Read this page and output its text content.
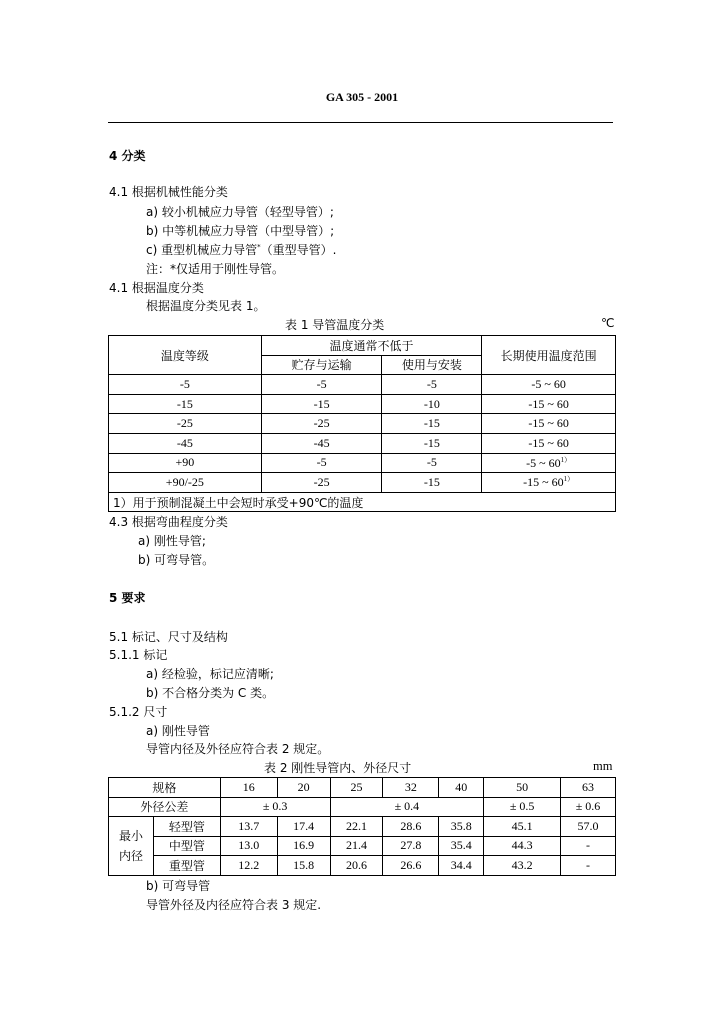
GA 305 - 2001
4 分类
4.1 根据机械性能分类
a) 较小机械应力导管（轻型导管）;
b) 中等机械应力导管（中型导管）;
c) 重型机械应力导管*（重型导管）.
注：*仅适用于刚性导管。
4.1 根据温度分类
根据温度分类见表 1。
表 1 导管温度分类	℃
温度等级	温度通常不低于		长期使用温度范围
	贮存与运输	使用与安装	
-5	-5	-5	-5 ~ 60
-15	-15	-10	-15 ~ 60
-25	-25	-15	-15 ~ 60
-45	-45	-15	-15 ~ 60
+90	-5	-5	-5 ~ $60^{1)}$
+90/-25	-25	-15	-15 ~ $60^{1)}$
1）用于预制混凝土中会短时承受+90℃的温度			
4.3 根据弯曲程度分类
a) 刚性导管;
b) 可弯导管。
5 要求
5.1 标记、尺寸及结构
5.1.1 标记
a) 经检验，标记应清晰;
b) 不合格分类为 C 类。
5.1.2 尺寸
a) 刚性导管
导管内径及外径应符合表 2 规定。
表 2 刚性导管内、外径尺寸	mm
规格		16	20	25	32	40	50	63
外径公差		± 0.3		± 0.4			± 0.5	± 0.6
最小内径	轻型管	13.7	17.4	22.1	28.6	35.8	45.1	57.0
	中型管	13.0	16.9	21.4	27.8	35.4	44.3	-
	重型管	12.2	15.8	20.6	26.6	34.4	43.2	-
b) 可弯导管
导管外径及内径应符合表 3 规定.
